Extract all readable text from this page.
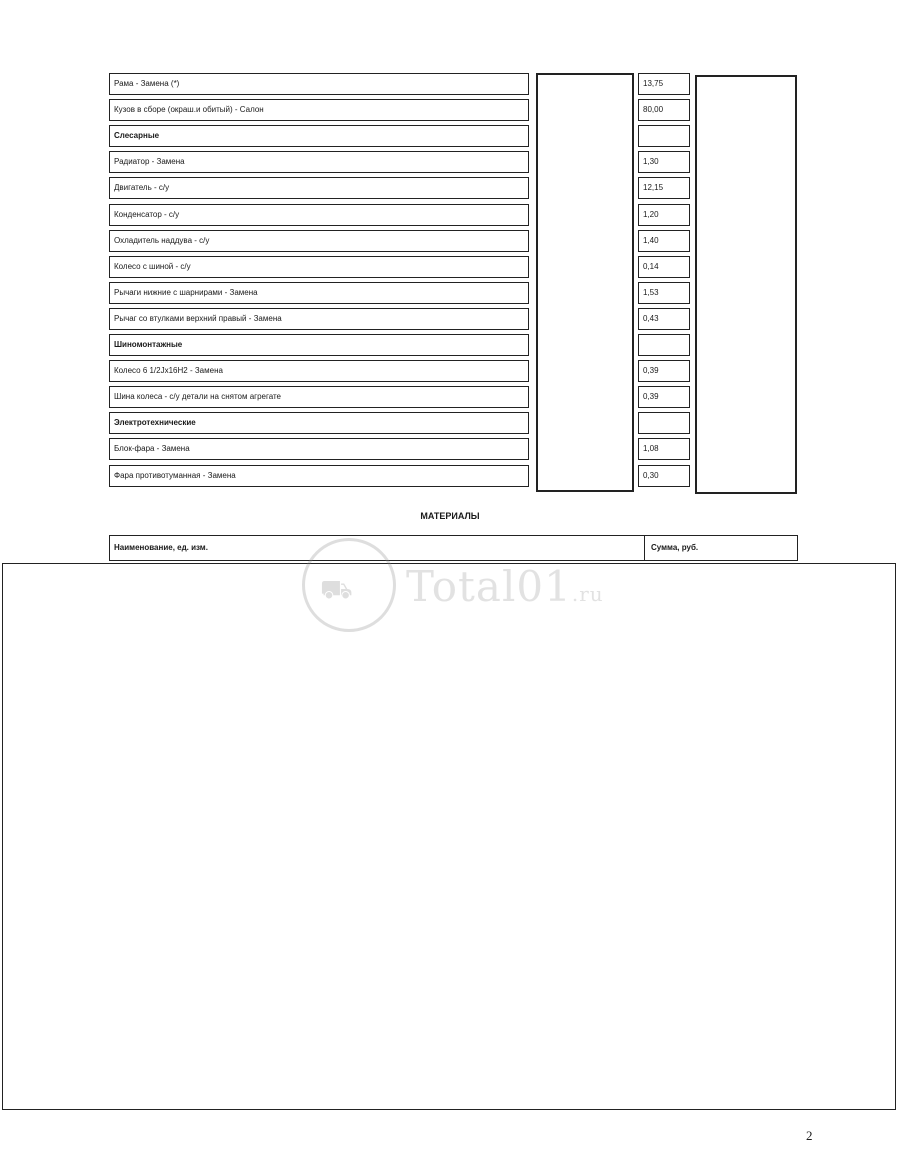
Рама - Замена (*)	13,75
Кузов в сборе (окраш.и обитый) - Салон	80,00
Слесарные
Радиатор - Замена	1,30
Двигатель - с/у	12,15
Конденсатор - с/у	1,20
Охладитель наддува - с/у	1,40
Колесо с шиной - с/у	0,14
Рычаги нижние с шарнирами - Замена	1,53
Рычаг со втулками верхний правый - Замена	0,43
Шиномонтажные
Колесо 6 1/2Jx16H2 - Замена	0,39
Шина колеса - с/у детали на снятом агрегате	0,39
Электротехнические
Блок-фара - Замена	1,08
Фара противотуманная - Замена	0,30
МАТЕРИАЛЫ
Наименование, ед. изм.	Сумма, руб.
⛟ Total01.ru
2
